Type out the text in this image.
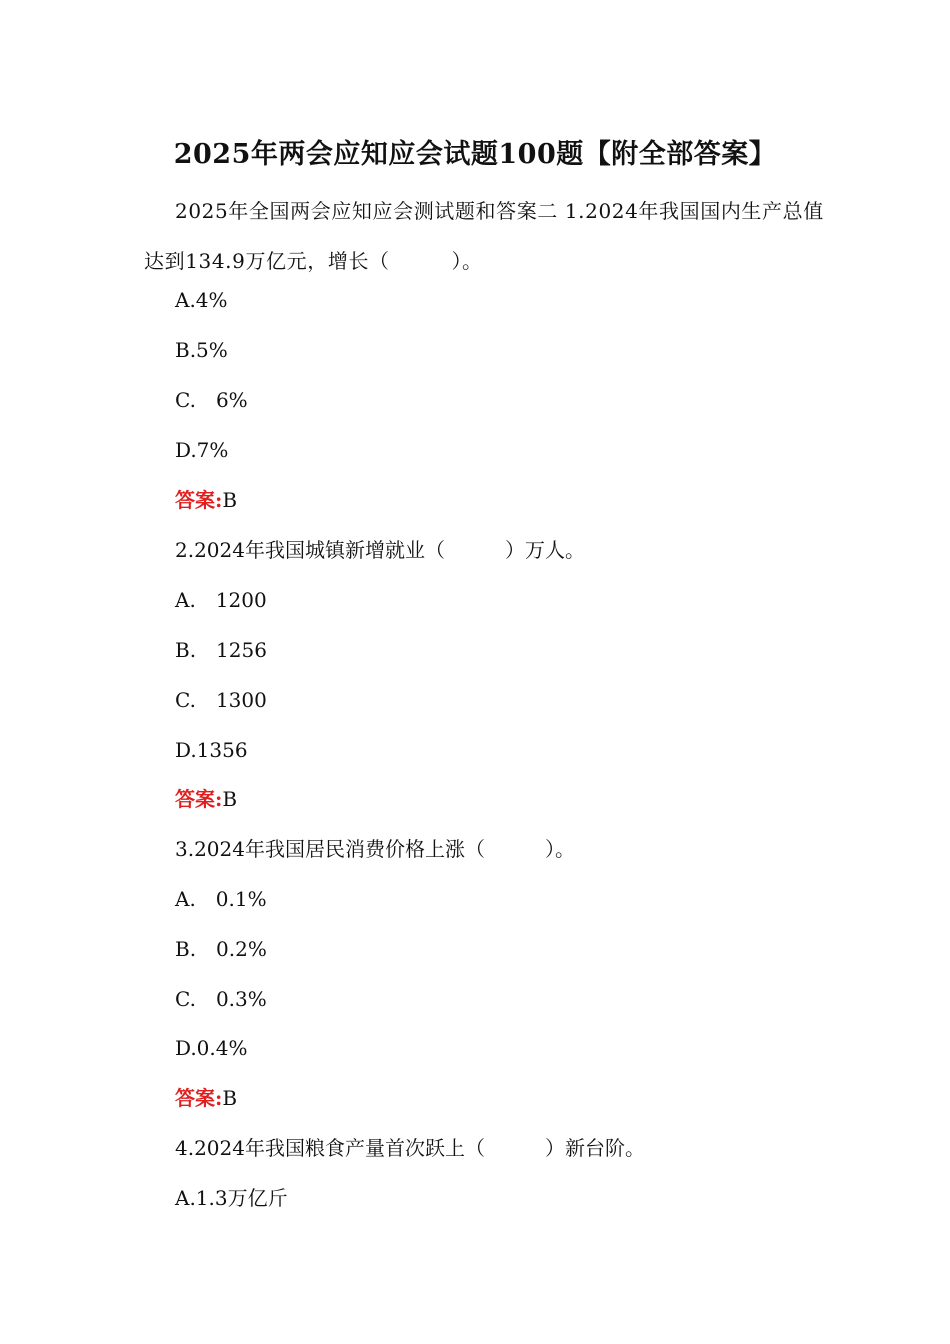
2025年两会应知应会试题100题【附全部答案】
2025年全国两会应知应会测试题和答案二 1.2024年我国国内生产总值达到134.9万亿元，增长（　　　）。
A.4%
B.5%
C.　6%
D.7%
答案:B
2.2024年我国城镇新增就业（　　　）万人。
A.　1200
B.　1256
C.　1300
D.1356
答案:B
3.2024年我国居民消费价格上涨（　　　）。
A.　0.1%
B.　0.2%
C.　0.3%
D.0.4%
答案:B
4.2024年我国粮食产量首次跃上（　　　）新台阶。
A.1.3万亿斤
